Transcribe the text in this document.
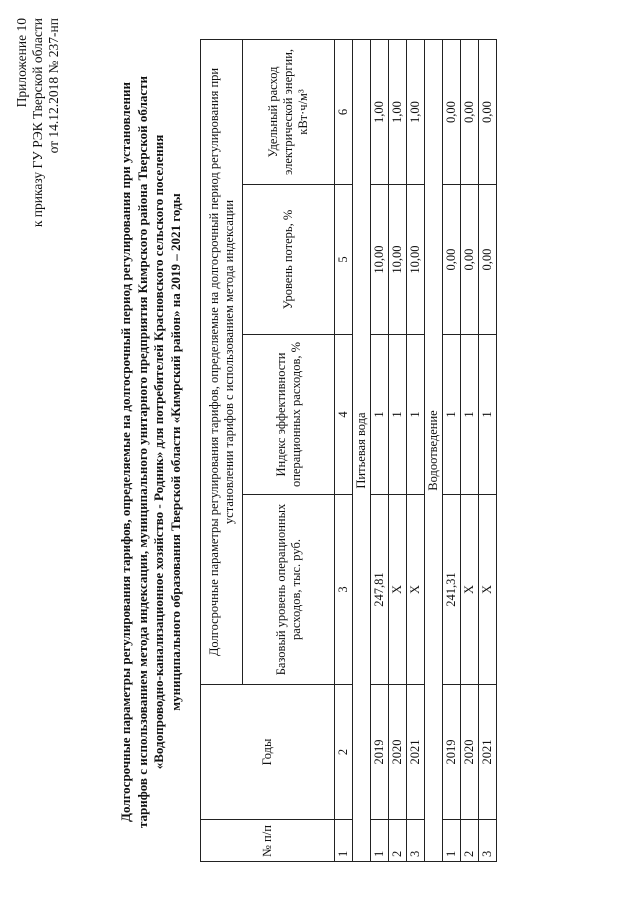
Приложение 10 к приказу ГУ РЭК Тверской области от 14.12.2018 № 237-нп	Долгосрочные параметры регулирования тарифов, определяемые на долгосрочный период регулирования при установлении тарифов с использованием метода индексации, муниципального унитарного предприятия Кимрского района Тверской области «Водопроводно-канализационное хозяйство - Родник» для потребителей Красновского сельского поселения муниципального образования Тверской области «Кимрский район» на 2019 – 2021 годы
№ п/п	Годы	Долгосрочные параметры регулирования тарифов, определяемые на долгосрочный период регулирования при установлении тарифов с использованием метода индексации			
		Базовый уровень операционных расходов, тыс. руб.	Индекс эффективности операционных расходов, %	Уровень потерь, %	Удельный расход электрической энергии, кВт·ч/м³
1	2	3	4	5	6
Питьевая вода					
1	2019	247,81	1	10,00	1,00
2	2020	Х	1	10,00	1,00
3	2021	Х	1	10,00	1,00
Водоотведение					
1	2019	241,31	1	0,00	0,00
2	2020	Х	1	0,00	0,00
3	2021	Х	1	0,00	0,00
